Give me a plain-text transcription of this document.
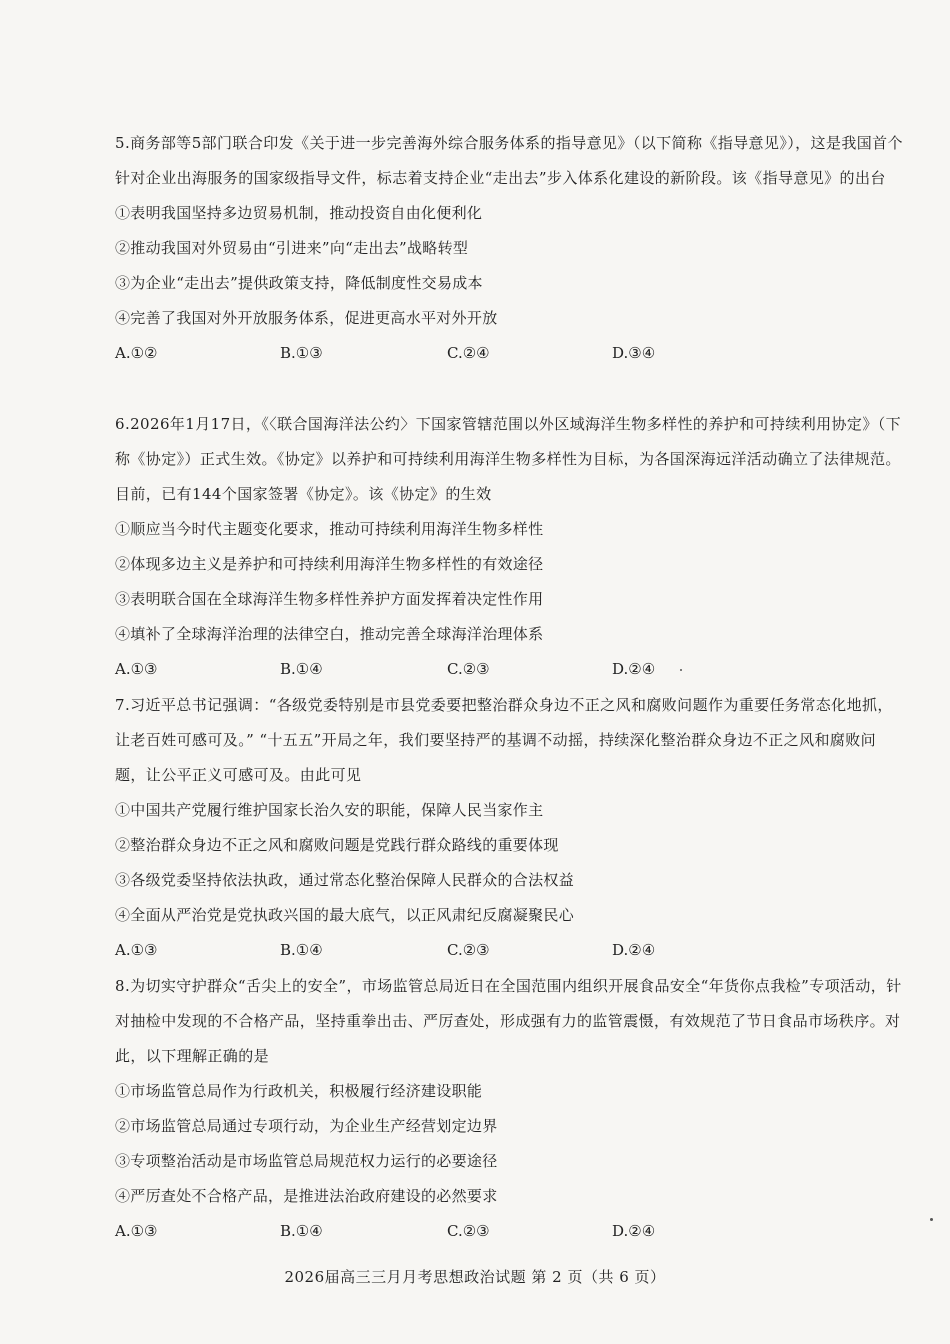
5.商务部等5部门联合印发《关于进一步完善海外综合服务体系的指导意见》（以下简称《指导意见》），这是我国首个针对企业出海服务的国家级指导文件，标志着支持企业“走出去”步入体系化建设的新阶段。该《指导意见》的出台

①表明我国坚持多边贸易机制，推动投资自由化便利化

②推动我国对外贸易由“引进来”向“走出去”战略转型

③为企业“走出去”提供政策支持，降低制度性交易成本

④完善了我国对外开放服务体系，促进更高水平对外开放

A.①②	B.①③	C.②④	D.③④

6.2026年1月17日，《〈联合国海洋法公约〉下国家管辖范围以外区域海洋生物多样性的养护和可持续利用协定》（下称《协定》）正式生效。《协定》以养护和可持续利用海洋生物多样性为目标，为各国深海远洋活动确立了法律规范。目前，已有144个国家签署《协定》。该《协定》的生效

①顺应当今时代主题变化要求，推动可持续利用海洋生物多样性

②体现多边主义是养护和可持续利用海洋生物多样性的有效途径

③表明联合国在全球海洋生物多样性养护方面发挥着决定性作用

④填补了全球海洋治理的法律空白，推动完善全球海洋治理体系

A.①③	B.①④	C.②③	D.②④

7.习近平总书记强调：“各级党委特别是市县党委要把整治群众身边不正之风和腐败问题作为重要任务常态化地抓，让老百姓可感可及。” “十五五”开局之年，我们要坚持严的基调不动摇，持续深化整治群众身边不正之风和腐败问题，让公平正义可感可及。由此可见

①中国共产党履行维护国家长治久安的职能，保障人民当家作主

②整治群众身边不正之风和腐败问题是党践行群众路线的重要体现

③各级党委坚持依法执政，通过常态化整治保障人民群众的合法权益

④全面从严治党是党执政兴国的最大底气，以正风肃纪反腐凝聚民心

A.①③	B.①④	C.②③	D.②④

8.为切实守护群众“舌尖上的安全”，市场监管总局近日在全国范围内组织开展食品安全“年货你点我检”专项活动，针对抽检中发现的不合格产品，坚持重拳出击、严厉查处，形成强有力的监管震慑，有效规范了节日食品市场秩序。对此，以下理解正确的是

①市场监管总局作为行政机关，积极履行经济建设职能

②市场监管总局通过专项行动，为企业生产经营划定边界

③专项整治活动是市场监管总局规范权力运行的必要途径

④严厉查处不合格产品，是推进法治政府建设的必然要求

A.①③	B.①④	C.②③	D.②④
2026届高三三月月考思想政治试题 第 2 页（共 6 页）
